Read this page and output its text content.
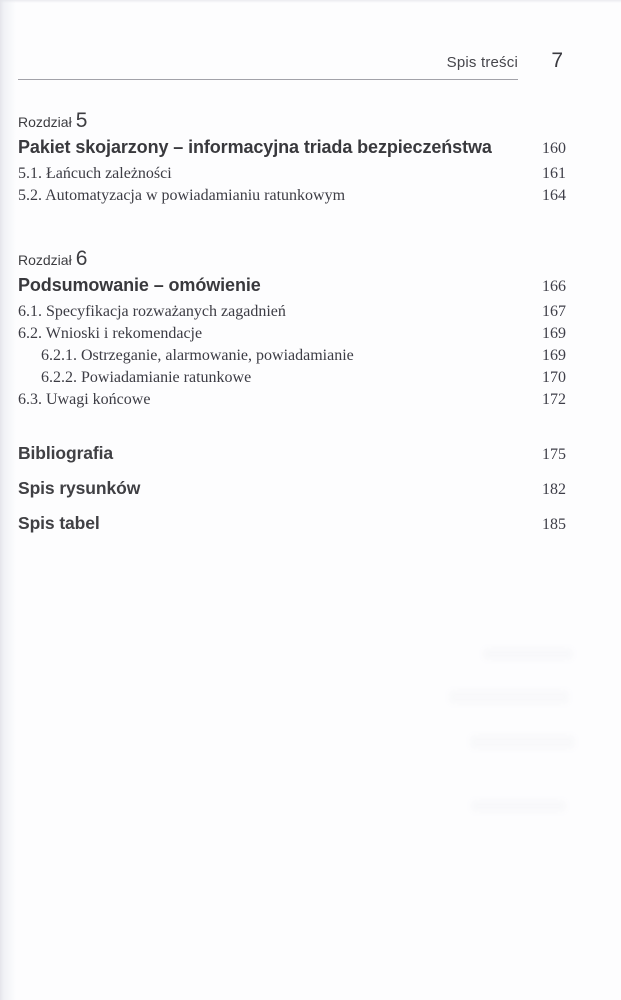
Spis treści	7
Rozdział 5
Pakiet skojarzony – informacyjna triada bezpieczeństwa	160
5.1. Łańcuch zależności	161
5.2. Automatyzacja w powiadamianiu ratunkowym	164
Rozdział 6
Podsumowanie – omówienie	166
6.1. Specyfikacja rozważanych zagadnień	167
6.2. Wnioski i rekomendacje	169
6.2.1. Ostrzeganie, alarmowanie, powiadamianie	169
6.2.2. Powiadamianie ratunkowe	170
6.3. Uwagi końcowe	172
Bibliografia	175
Spis rysunków	182
Spis tabel	185
